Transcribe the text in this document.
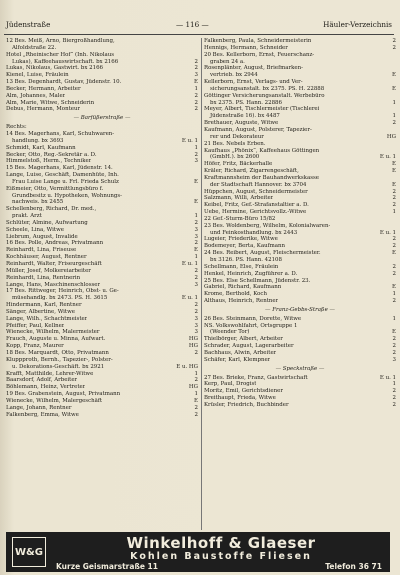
Jüdenstraße	— 116 —	Häuler-Verzeichnis
12 Bes. Meiß, Arno, Biergroßhandlung,
Alfoldstraße 22.
Hotel „Rheinischer Hof“ (Inh. Nikolaus
Lukas), Kaffeehauswirtschaft. bx 2166	2
Lukas, Nikolaus, Gastwirt. bx 2166	2
Kienel, Luise, Fräulein	3
13 Bes. Degenhardt, Gustav, Jüdenstr. 10.	E
Becker, Hermann, Arbeiter	1
Alm, Johannes, Maler	2
Alm, Marie, Witwe, Schneiderin	2
Debus, Hermann, Monteur	2
— Barfüßerstraße —
Rechts:
14 Bes. Magerhans, Karl, Schuhwaren-
handlung. bx 3693	E u. 1
Schmidt, Karl, Kaufmann	1
Becker, Otto, Reg.-Sekretär a. D.	2
Himmelstoß, Herm., Techniker	3
15 Bes. Magerhans, Karl, Jüdenstr. 14.
Lange, Luise, Geschäft, Damenhüte, Inh.
Frau Luise Lange u. Frl. Frieda Schulz	E
Eißmeier, Otto, Vermittlungsbüro f.
Grundbesitz u. Hypotheken, Wohnungs-
nachweis. bx 2455	E
Schellenberg, Richard, Dr. med.,
prakt. Arzt	1
Schlüter, Almine, Aufwartung	2
Scheele, Lina, Witwe	3
Liebrum, August, Invalide	3
16 Bes. Polle, Andreas, Privatmann	2
Reinhardt, Lina, Friseuse	E
Kochhäuser, August, Rentner	1
Reinhardt, Walter, Friseurgeschäft	E u. 1
Müller, Josef, Molkereiarbeiter	2
Reinhardt, Lina, Rentnerin	2
Lange, Hans, Maschinenschlosser	3
17 Bes. Rittweger, Heinrich, Obst- u. Ge-
müsehandlg. bx 2473. PS. H. 3615	E u. 1
Hindermann, Karl, Rentner	2
Sänger, Albertine, Witwe	2
Lange, Wilh., Schachtmeister	3
Pfeiffer, Paul, Kellner	3
Wienecke, Wilhelm, Malermeister	3
Frauch, Auguste u. Minna, Aufwart.	HG
Kopp, Franz, Maurer	HG
18 Bes. Marquardt, Otto, Privatmann	2
Kluppproth, Bernh., Tapezier-, Polster-
u. Dekorations-Geschäft. bx 2921	E u. HG
Krafft, Matthilde, Lehrer-Witwe	1
Baarsdorf, Adolf, Arbeiter	2
Böhlemann, Heinz, Vertreter	HG
19 Bes. Grabenstein, August, Privatmann	1
Wienecke, Wilhelm, Malergeschäft	E
Lange, Johann, Rentner	2
Falkenberg, Emma, Witwe	2
Falkenberg, Paula, Schneidermeisterin	2
Hennigs, Hermann, Schneider	2
20 Bes. Kellerborn, Ernst, Feuerschanz-
graben 24 a.
Rosenplänter, August, Briefmarken-
vertrieb. bx 2944	E
Kellerborn, Ernst, Verlags- und Ver-
sicherungsanstalt. bx 2375. PS. H. 22888	E
Göttinger Versicherungsanstalt. Werbebüro
bx 2375. PS. Hann. 22886	1
Meyer, Albert, Tischlermeister (Tischlerei
Jüdenstraße 16). bx 4487	1
Brethauer, Auguste, Witwe	2
Kaufmann, August, Polsterer, Tapezier-
rer und Dekorateur	HG
21 Bes. Nebels Erben.
Kaufhaus „Phönix“, Kaffeehaus Göttingen
(GmbH.). bx 2600	E u. 1
Höfer, Fritz, Bäckerhalle	E
Kräler, Richard, Zigarrengeschäft,	E
Kraftmannsheim der Bauhandwerkskasse
der Stadtschaft Hannover. bx 3704	E
Hüppchen, August, Schneidermeister	2
Salzmann, Willi, Arbeiter	2
Keibel, Fritz, Gef.-Strafanstaltier a. D.	2
Uebe, Hermine, Gerichtsvollz.-Witwe	1
22 Gef.-Sturm-Büro 15/82
23 Bes. Woldenberg, Wilhelm, Kolonialwaren-
und Feinkosthandlung. bx 2443	E u. 1
Lugeier, Friederike, Witwe	2
Bodemeyer, Berta, Kaufmann	2
24 Bes. Reibert, August, Fleischermeister.	E
bx 3126. PS. Hann. 42108
Schellmann, Else, Fräulein	2
Henkel, Heinrich, Zugführer a. D.	2
25 Bes. Else Schellmann, Jüdenstr. 23.
Gabriel, Richard, Kaufmann	E
Krome, Berthold, Koch	1
Althaus, Heinrich, Rentner	2
— Franz-Gebbs-Straße —
26 Bes. Steinmann, Dorette, Witwe	1
NS. Volkswohlfahrt, Ortsgruppe 1
(Weender Tor)	E
Thielbörger, Albert, Arbeiter	2
Schrader, August, Lagerarbeiter	2
Bachhaus, Alwin, Arbeiter	2
Schäfer, Karl, Klempner	3
— Speckstraße —
27 Bes. Brieke, Franz, Gastwirtschaft	E u. 1
Kerp, Paul, Drogist	1
Moritz, Emil, Gerichtsdiener	2
Breithaupt, Frieda, Witwe	2
Krüsler, Friedrich, Buchbinder	2
W&G	Winkelhoff & Glaeser
Kohlen Baustoffe Fliesen
Kurze Geismarstraße 11	Telefon 36 71
